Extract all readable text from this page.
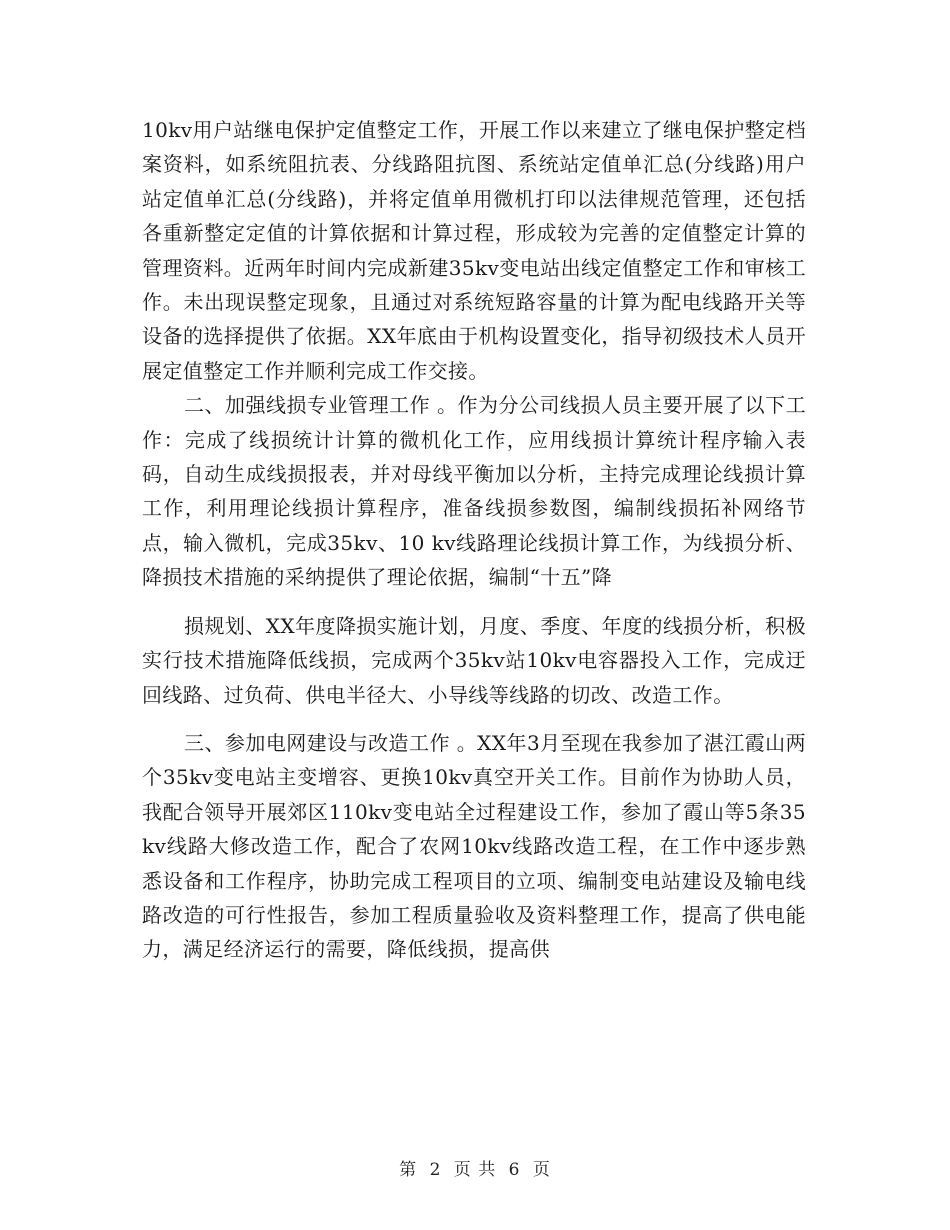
10kv用户站继电保护定值整定工作，开展工作以来建立了继电保护整定档案资料，如系统阻抗表、分线路阻抗图、系统站定值单汇总(分线路)用户站定值单汇总(分线路)，并将定值单用微机打印以法律规范管理，还包括各重新整定定值的计算依据和计算过程，形成较为完善的定值整定计算的管理资料。近两年时间内完成新建35kv变电站出线定值整定工作和审核工作。未出现误整定现象，且通过对系统短路容量的计算为配电线路开关等设备的选择提供了依据。XX年底由于机构设置变化，指导初级技术人员开展定值整定工作并顺利完成工作交接。

二、加强线损专业管理工作 。作为分公司线损人员主要开展了以下工作：完成了线损统计计算的微机化工作，应用线损计算统计程序输入表码，自动生成线损报表，并对母线平衡加以分析，主持完成理论线损计算工作，利用理论线损计算程序，准备线损参数图，编制线损拓补网络节点，输入微机，完成35kv、10 kv线路理论线损计算工作，为线损分析、降损技术措施的采纳提供了理论依据，编制“十五”降

损规划、XX年度降损实施计划，月度、季度、年度的线损分析，积极实行技术措施降低线损，完成两个35kv站10kv电容器投入工作，完成迂回线路、过负荷、供电半径大、小导线等线路的切改、改造工作。

三、参加电网建设与改造工作 。XX年3月至现在我参加了湛江霞山两个35kv变电站主变增容、更换10kv真空开关工作。目前作为协助人员，我配合领导开展郊区110kv变电站全过程建设工作，参加了霞山等5条35kv线路大修改造工作，配合了农网10kv线路改造工程，在工作中逐步熟悉设备和工作程序，协助完成工程项目的立项、编制变电站建设及输电线路改造的可行性报告，参加工程质量验收及资料整理工作，提高了供电能力，满足经济运行的需要，降低线损，提高供

第 2 页 共 6 页
